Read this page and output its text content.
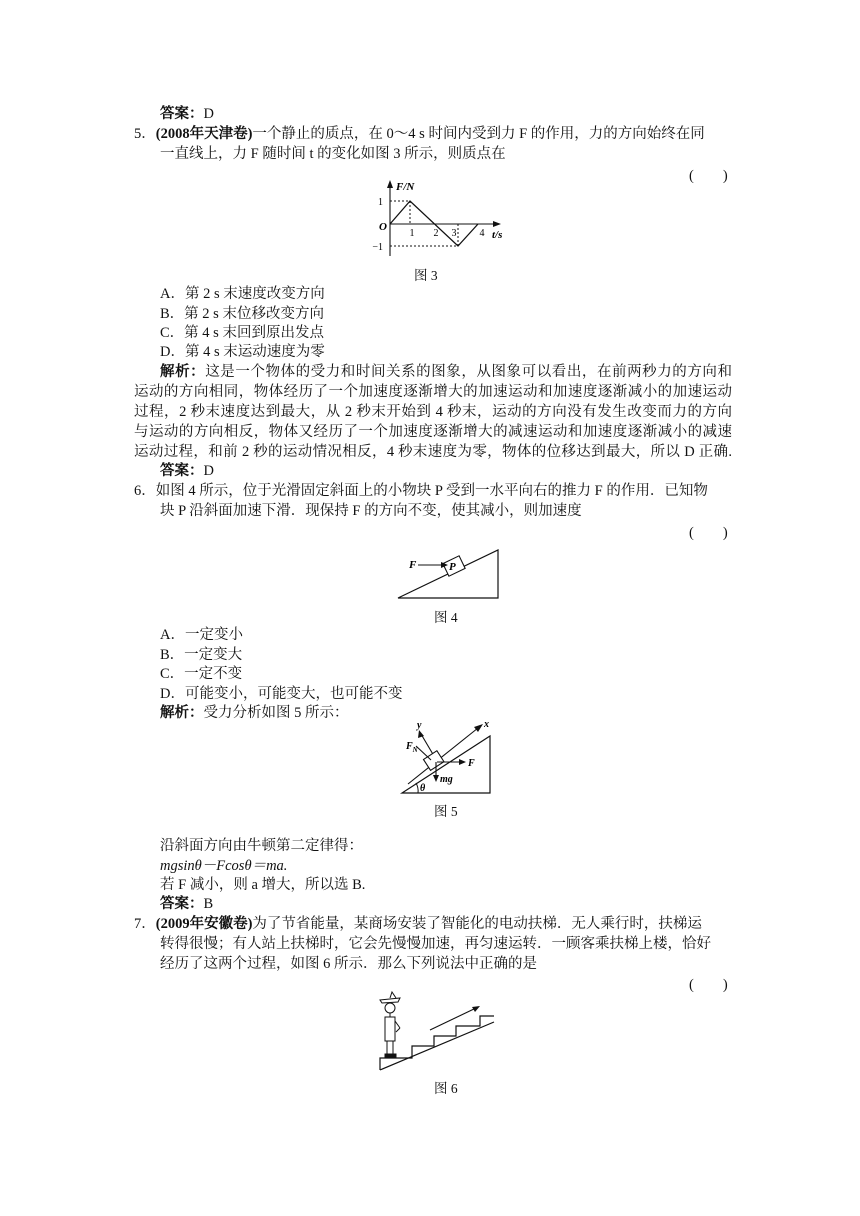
答案：D
5．(2008年天津卷)一个静止的质点，在 0～4 s 时间内受到力 F 的作用，力的方向始终在同
一直线上，力 F 随时间 t 的变化如图 3 所示，则质点在
(　　)
F/N
1
−1
O
1 2 3 4 t/s
图 3
A．第 2 s 末速度改变方向
B．第 2 s 末位移改变方向
C．第 4 s 末回到原出发点
D．第 4 s 末运动速度为零
解析：这是一个物体的受力和时间关系的图象，从图象可以看出，在前两秒力的方向和
运动的方向相同，物体经历了一个加速度逐渐增大的加速运动和加速度逐渐减小的加速运动
过程，2 秒末速度达到最大，从 2 秒末开始到 4 秒末，运动的方向没有发生改变而力的方向
与运动的方向相反，物体又经历了一个加速度逐渐增大的减速运动和加速度逐渐减小的减速
运动过程，和前 2 秒的运动情况相反，4 秒末速度为零，物体的位移达到最大，所以 D 正确.
答案：D
6．如图 4 所示，位于光滑固定斜面上的小物块 P 受到一水平向右的推力 F 的作用．已知物
块 P 沿斜面加速下滑．现保持 F 的方向不变，使其减小，则加速度
(　　)
P
F
图 4
A．一定变小
B．一定变大
C．一定不变
D．可能变小，可能变大，也可能不变
解析：受力分析如图 5 所示：
x
y
$F_N$
F
mg
θ
图 5
沿斜面方向由牛顿第二定律得：
mgsinθ－Fcosθ＝ma.
若 F 减小，则 a 增大，所以选 B.
答案：B
7．(2009年安徽卷)为了节省能量，某商场安装了智能化的电动扶梯．无人乘行时，扶梯运
转得很慢；有人站上扶梯时，它会先慢慢加速，再匀速运转．一顾客乘扶梯上楼，恰好
经历了这两个过程，如图 6 所示．那么下列说法中正确的是
(　　)
图 6
